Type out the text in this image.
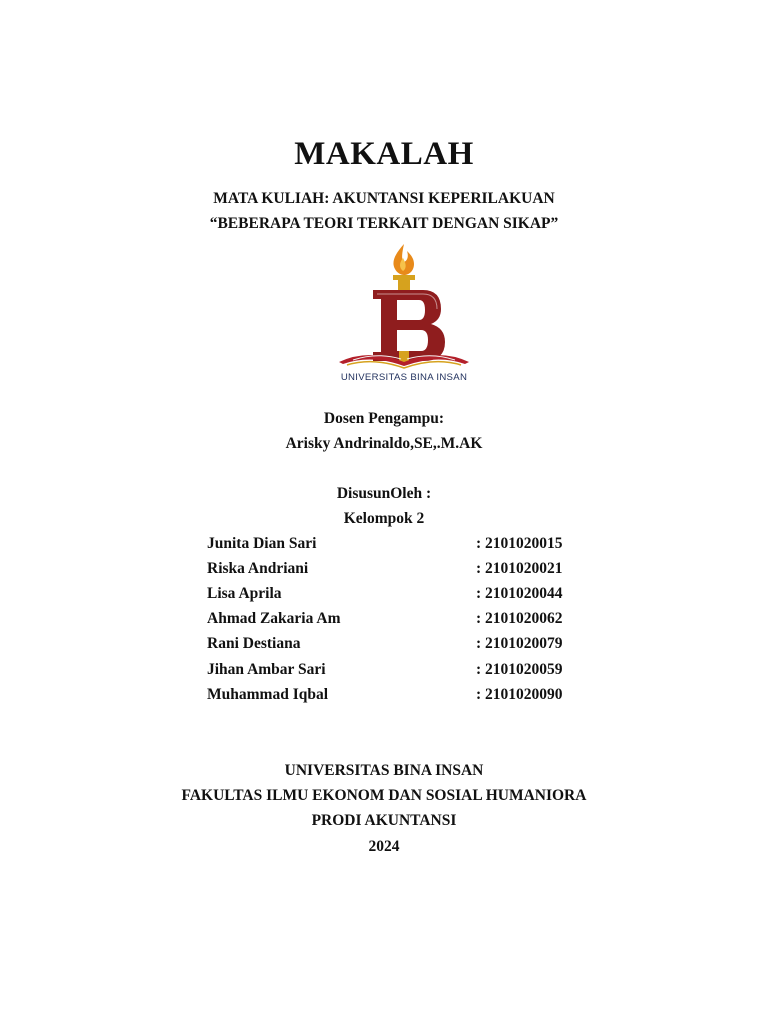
MAKALAH
MATA KULIAH: AKUNTANSI KEPERILAKUAN
“BEBERAPA TEORI TERKAIT DENGAN SIKAP”
UNIVERSITAS BINA INSAN
Dosen Pengampu:
Arisky Andrinaldo,SE,.M.AK
DisusunOleh :
Kelompok 2
Junita Dian Sari	: 2101020015
Riska Andriani	: 2101020021
Lisa Aprila	: 2101020044
Ahmad Zakaria Am	: 2101020062
Rani Destiana	: 2101020079
Jihan Ambar Sari	: 2101020059
Muhammad Iqbal	: 2101020090
UNIVERSITAS BINA INSAN
FAKULTAS ILMU EKONOM DAN SOSIAL HUMANIORA
PRODI AKUNTANSI
2024
